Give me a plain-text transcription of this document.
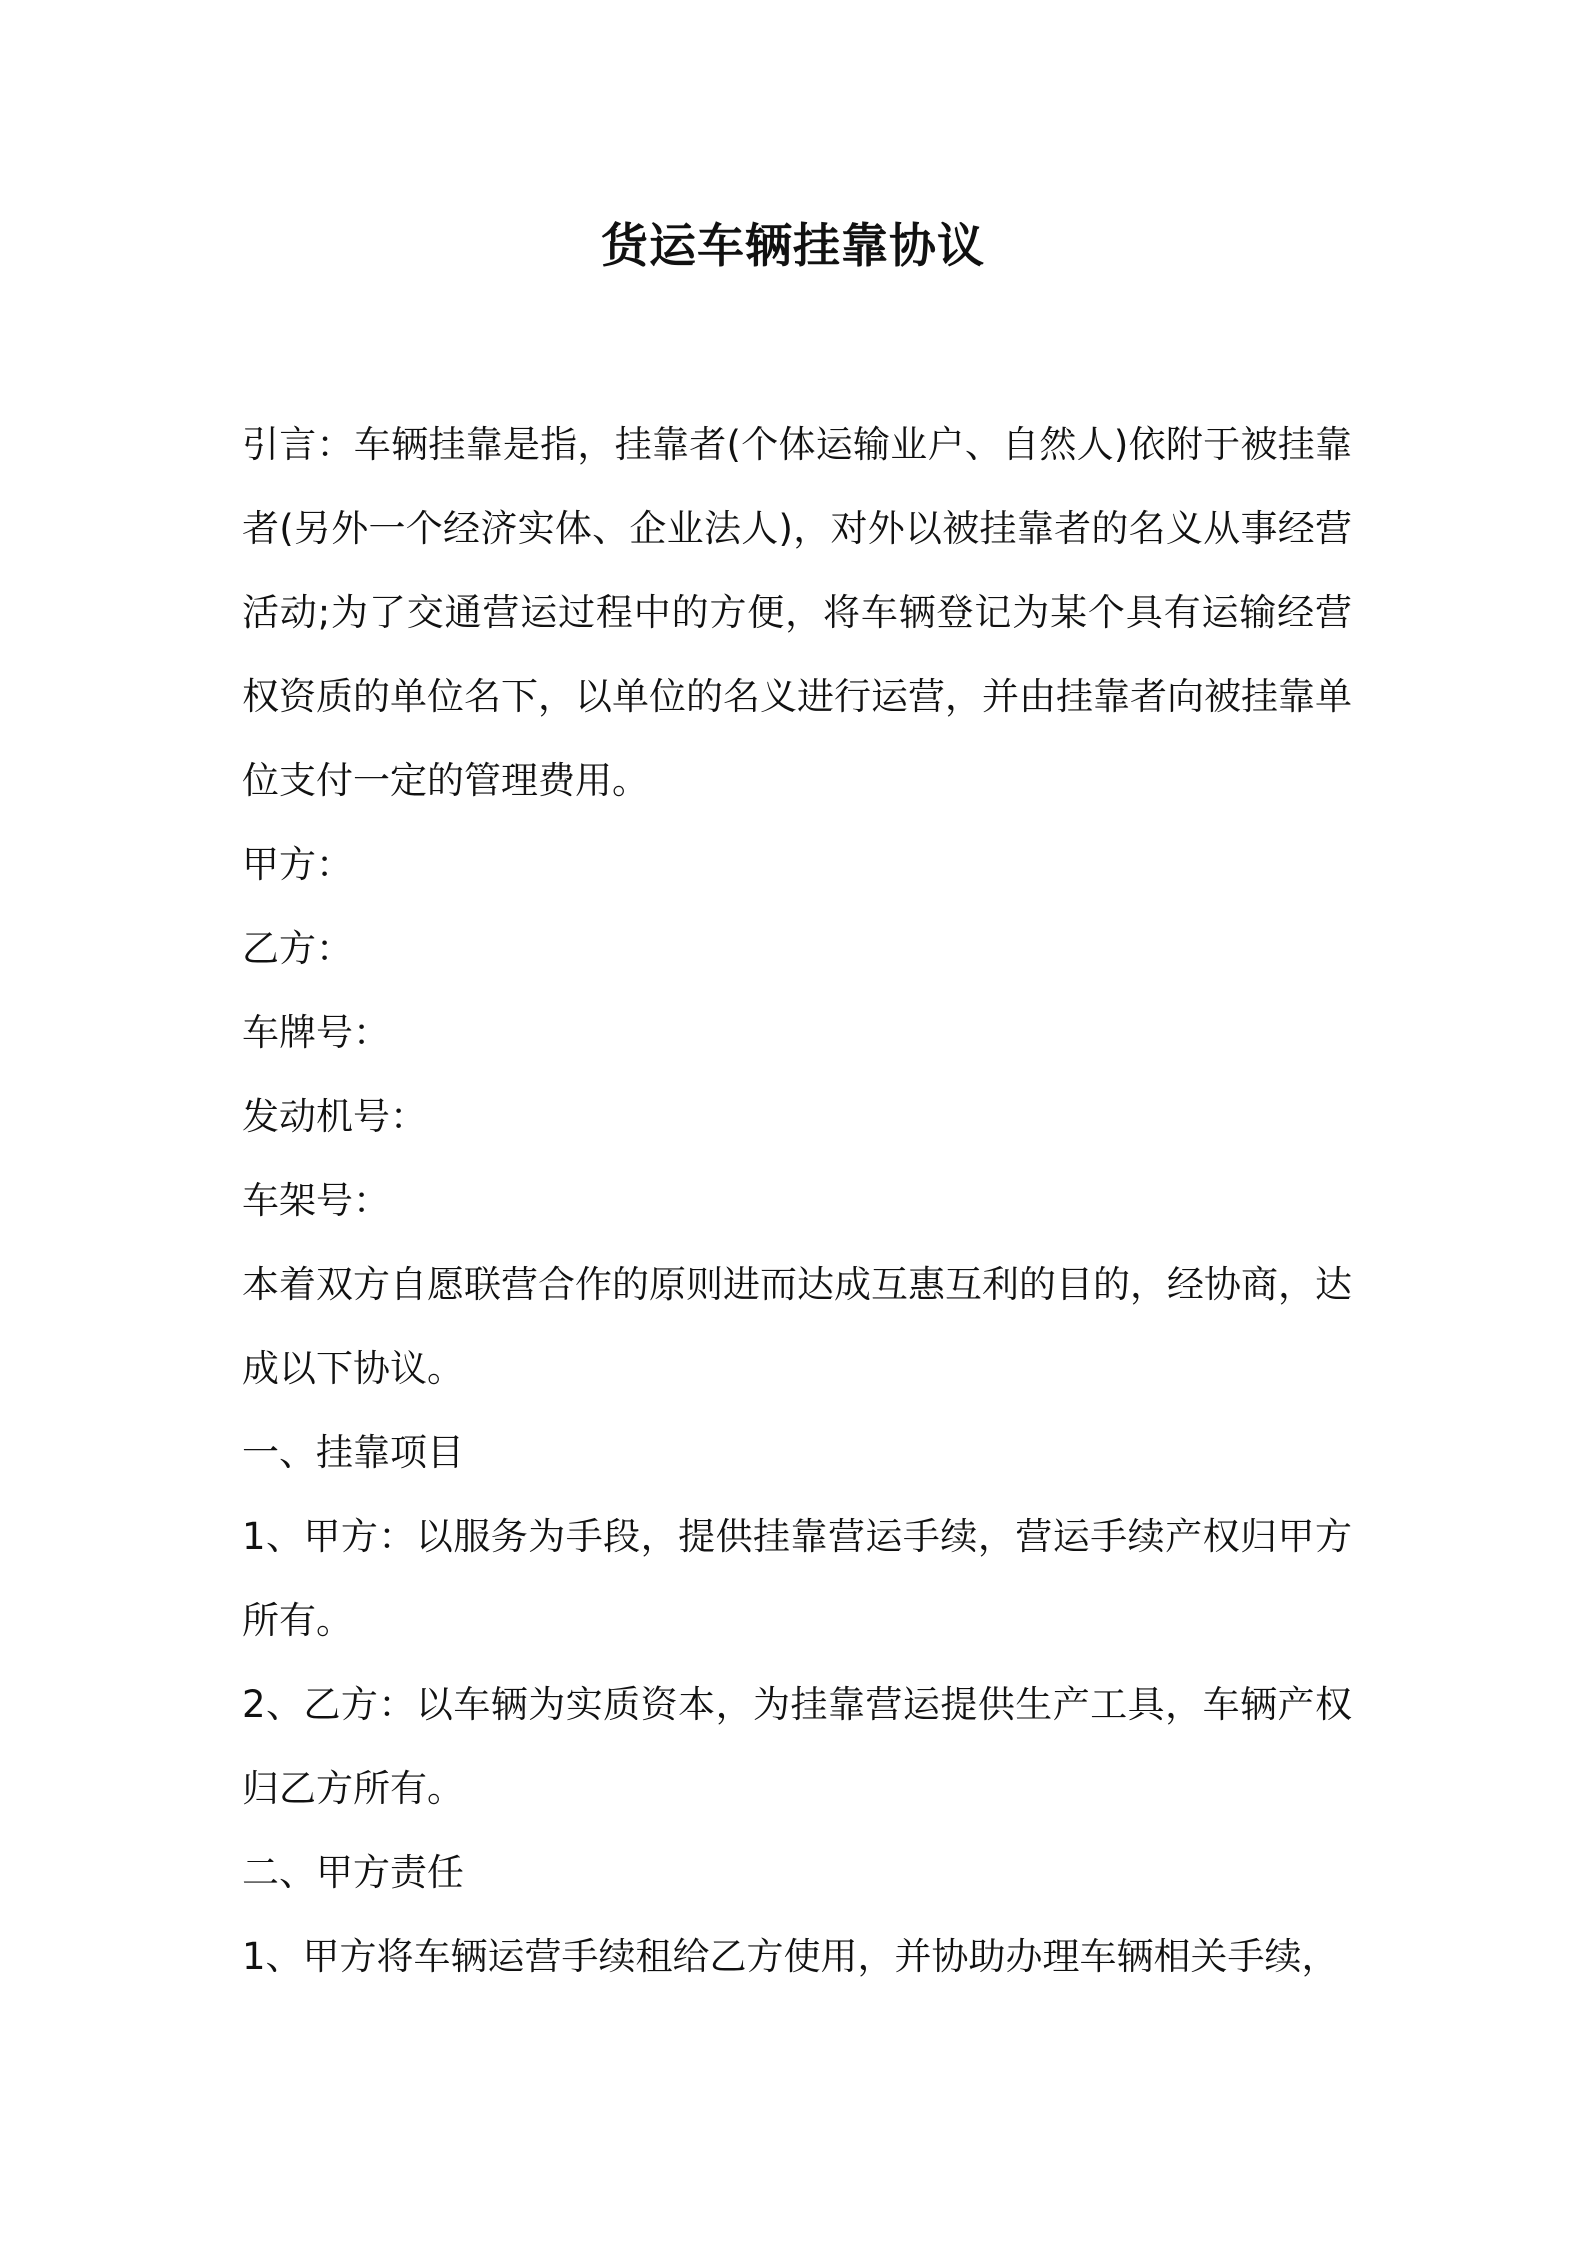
货运车辆挂靠协议

引言：车辆挂靠是指，挂靠者(个体运输业户、自然人)依附于被挂靠者(另外一个经济实体、企业法人)，对外以被挂靠者的名义从事经营活动;为了交通营运过程中的方便，将车辆登记为某个具有运输经营权资质的单位名下，以单位的名义进行运营，并由挂靠者向被挂靠单位支付一定的管理费用。

甲方：

乙方：

车牌号：

发动机号：

车架号：

本着双方自愿联营合作的原则进而达成互惠互利的目的，经协商，达成以下协议。

一、挂靠项目

1、甲方：以服务为手段，提供挂靠营运手续，营运手续产权归甲方所有。

2、乙方：以车辆为实质资本，为挂靠营运提供生产工具，车辆产权归乙方所有。

二、甲方责任

1、甲方将车辆运营手续租给乙方使用，并协助办理车辆相关手续，
